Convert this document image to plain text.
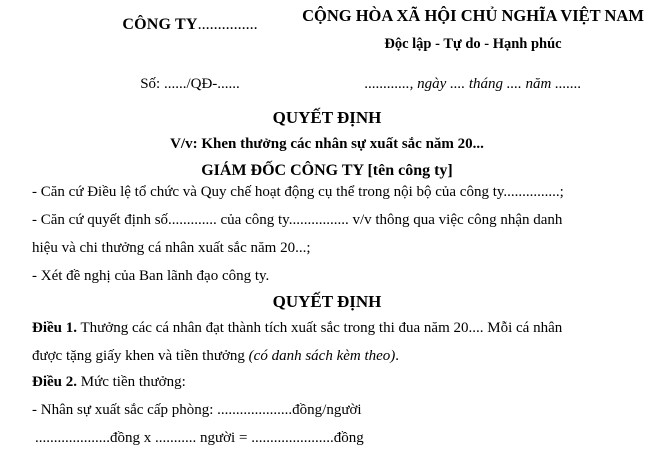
CÔNG TY...............	CỘNG HÒA XÃ HỘI CHỦ NGHĨA VIỆT NAM
Độc lập - Tự do - Hạnh phúc
Số: ....../QĐ-......	............, ngày .... tháng .... năm .......
QUYẾT ĐỊNH
V/v: Khen thưởng các nhân sự xuất sắc năm 20...
GIÁM ĐỐC CÔNG TY [tên công ty]
- Căn cứ Điều lệ tổ chức và Quy chế hoạt động cụ thể trong nội bộ của công ty...............;
- Căn cứ quyết định số............. của công ty................ v/v thông qua việc công nhận danh
hiệu và chi thưởng cá nhân xuất sắc năm 20...;
- Xét đề nghị của Ban lãnh đạo công ty.
QUYẾT ĐỊNH
Điều 1. Thưởng các cá nhân đạt thành tích xuất sắc trong thi đua năm 20.... Mỗi cá nhân
được tặng giấy khen và tiền thưởng (có danh sách kèm theo).
Điều 2. Mức tiền thưởng:
- Nhân sự xuất sắc cấp phòng: ....................đồng/người
....................đồng x ........... người = ......................đồng
